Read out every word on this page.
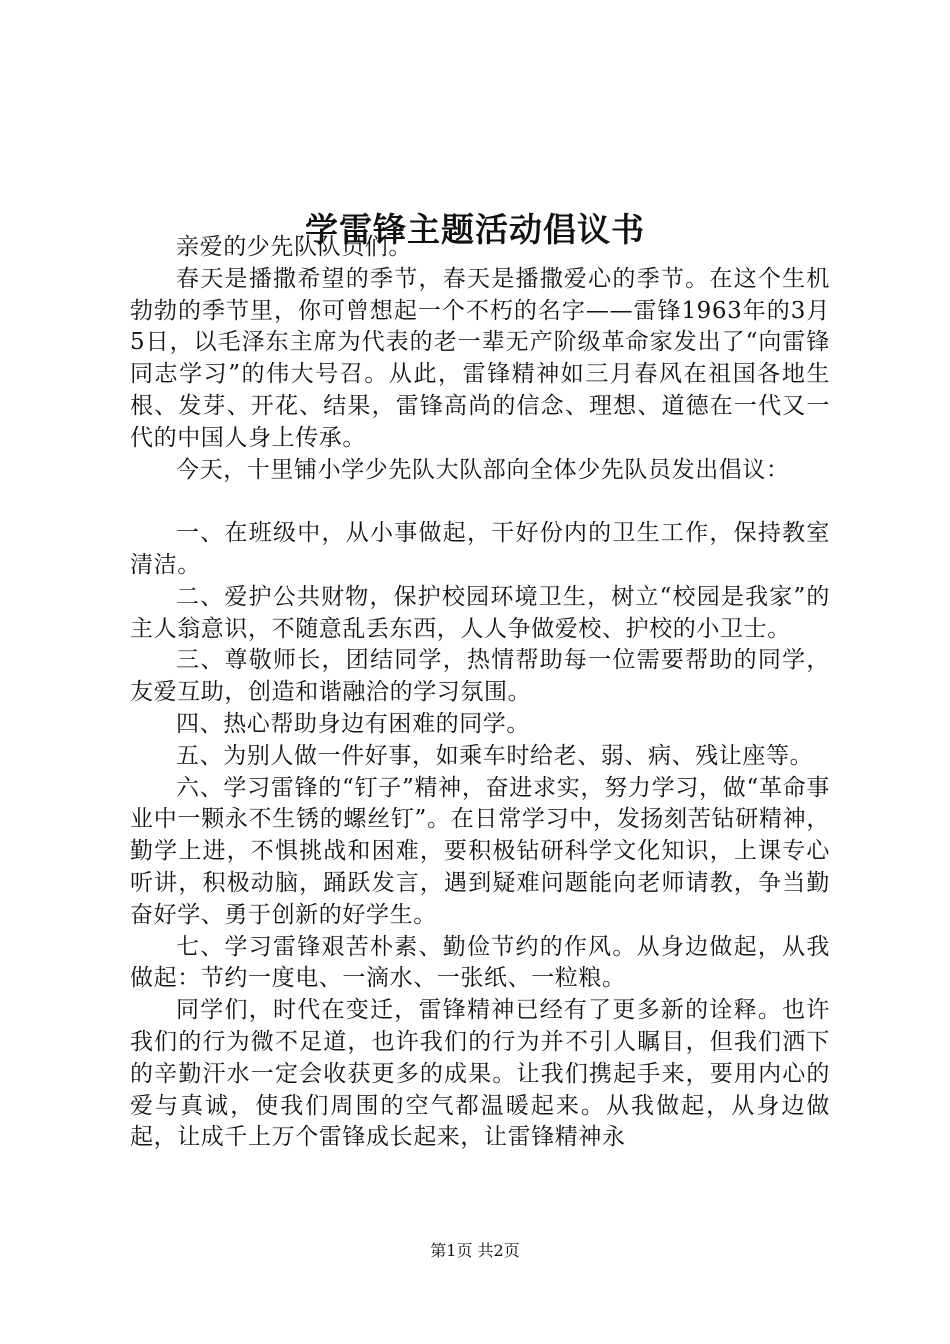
学雷锋主题活动倡议书

亲爱的少先队队员们。

春天是播撒希望的季节，春天是播撒爱心的季节。在这个生机勃勃的季节里，你可曾想起一个不朽的名字——雷锋1963年的3月5日，以毛泽东主席为代表的老一辈无产阶级革命家发出了“向雷锋同志学习”的伟大号召。从此，雷锋精神如三月春风在祖国各地生根、发芽、开花、结果，雷锋高尚的信念、理想、道德在一代又一代的中国人身上传承。

今天，十里铺小学少先队大队部向全体少先队员发出倡议：

一、在班级中，从小事做起，干好份内的卫生工作，保持教室清洁。

二、爱护公共财物，保护校园环境卫生，树立“校园是我家”的主人翁意识，不随意乱丢东西，人人争做爱校、护校的小卫士。

三、尊敬师长，团结同学，热情帮助每一位需要帮助的同学，友爱互助，创造和谐融洽的学习氛围。

四、热心帮助身边有困难的同学。

五、为别人做一件好事，如乘车时给老、弱、病、残让座等。

六、学习雷锋的“钉子”精神，奋进求实，努力学习，做“革命事业中一颗永不生锈的螺丝钉”。在日常学习中，发扬刻苦钻研精神，勤学上进，不惧挑战和困难，要积极钻研科学文化知识，上课专心听讲，积极动脑，踊跃发言，遇到疑难问题能向老师请教，争当勤奋好学、勇于创新的好学生。

七、学习雷锋艰苦朴素、勤俭节约的作风。从身边做起，从我做起：节约一度电、一滴水、一张纸、一粒粮。

同学们，时代在变迁，雷锋精神已经有了更多新的诠释。也许我们的行为微不足道，也许我们的行为并不引人瞩目，但我们洒下的辛勤汗水一定会收获更多的成果。让我们携起手来，要用内心的爱与真诚，使我们周围的空气都温暖起来。从我做起，从身边做起，让成千上万个雷锋成长起来，让雷锋精神永

第1页 共2页
